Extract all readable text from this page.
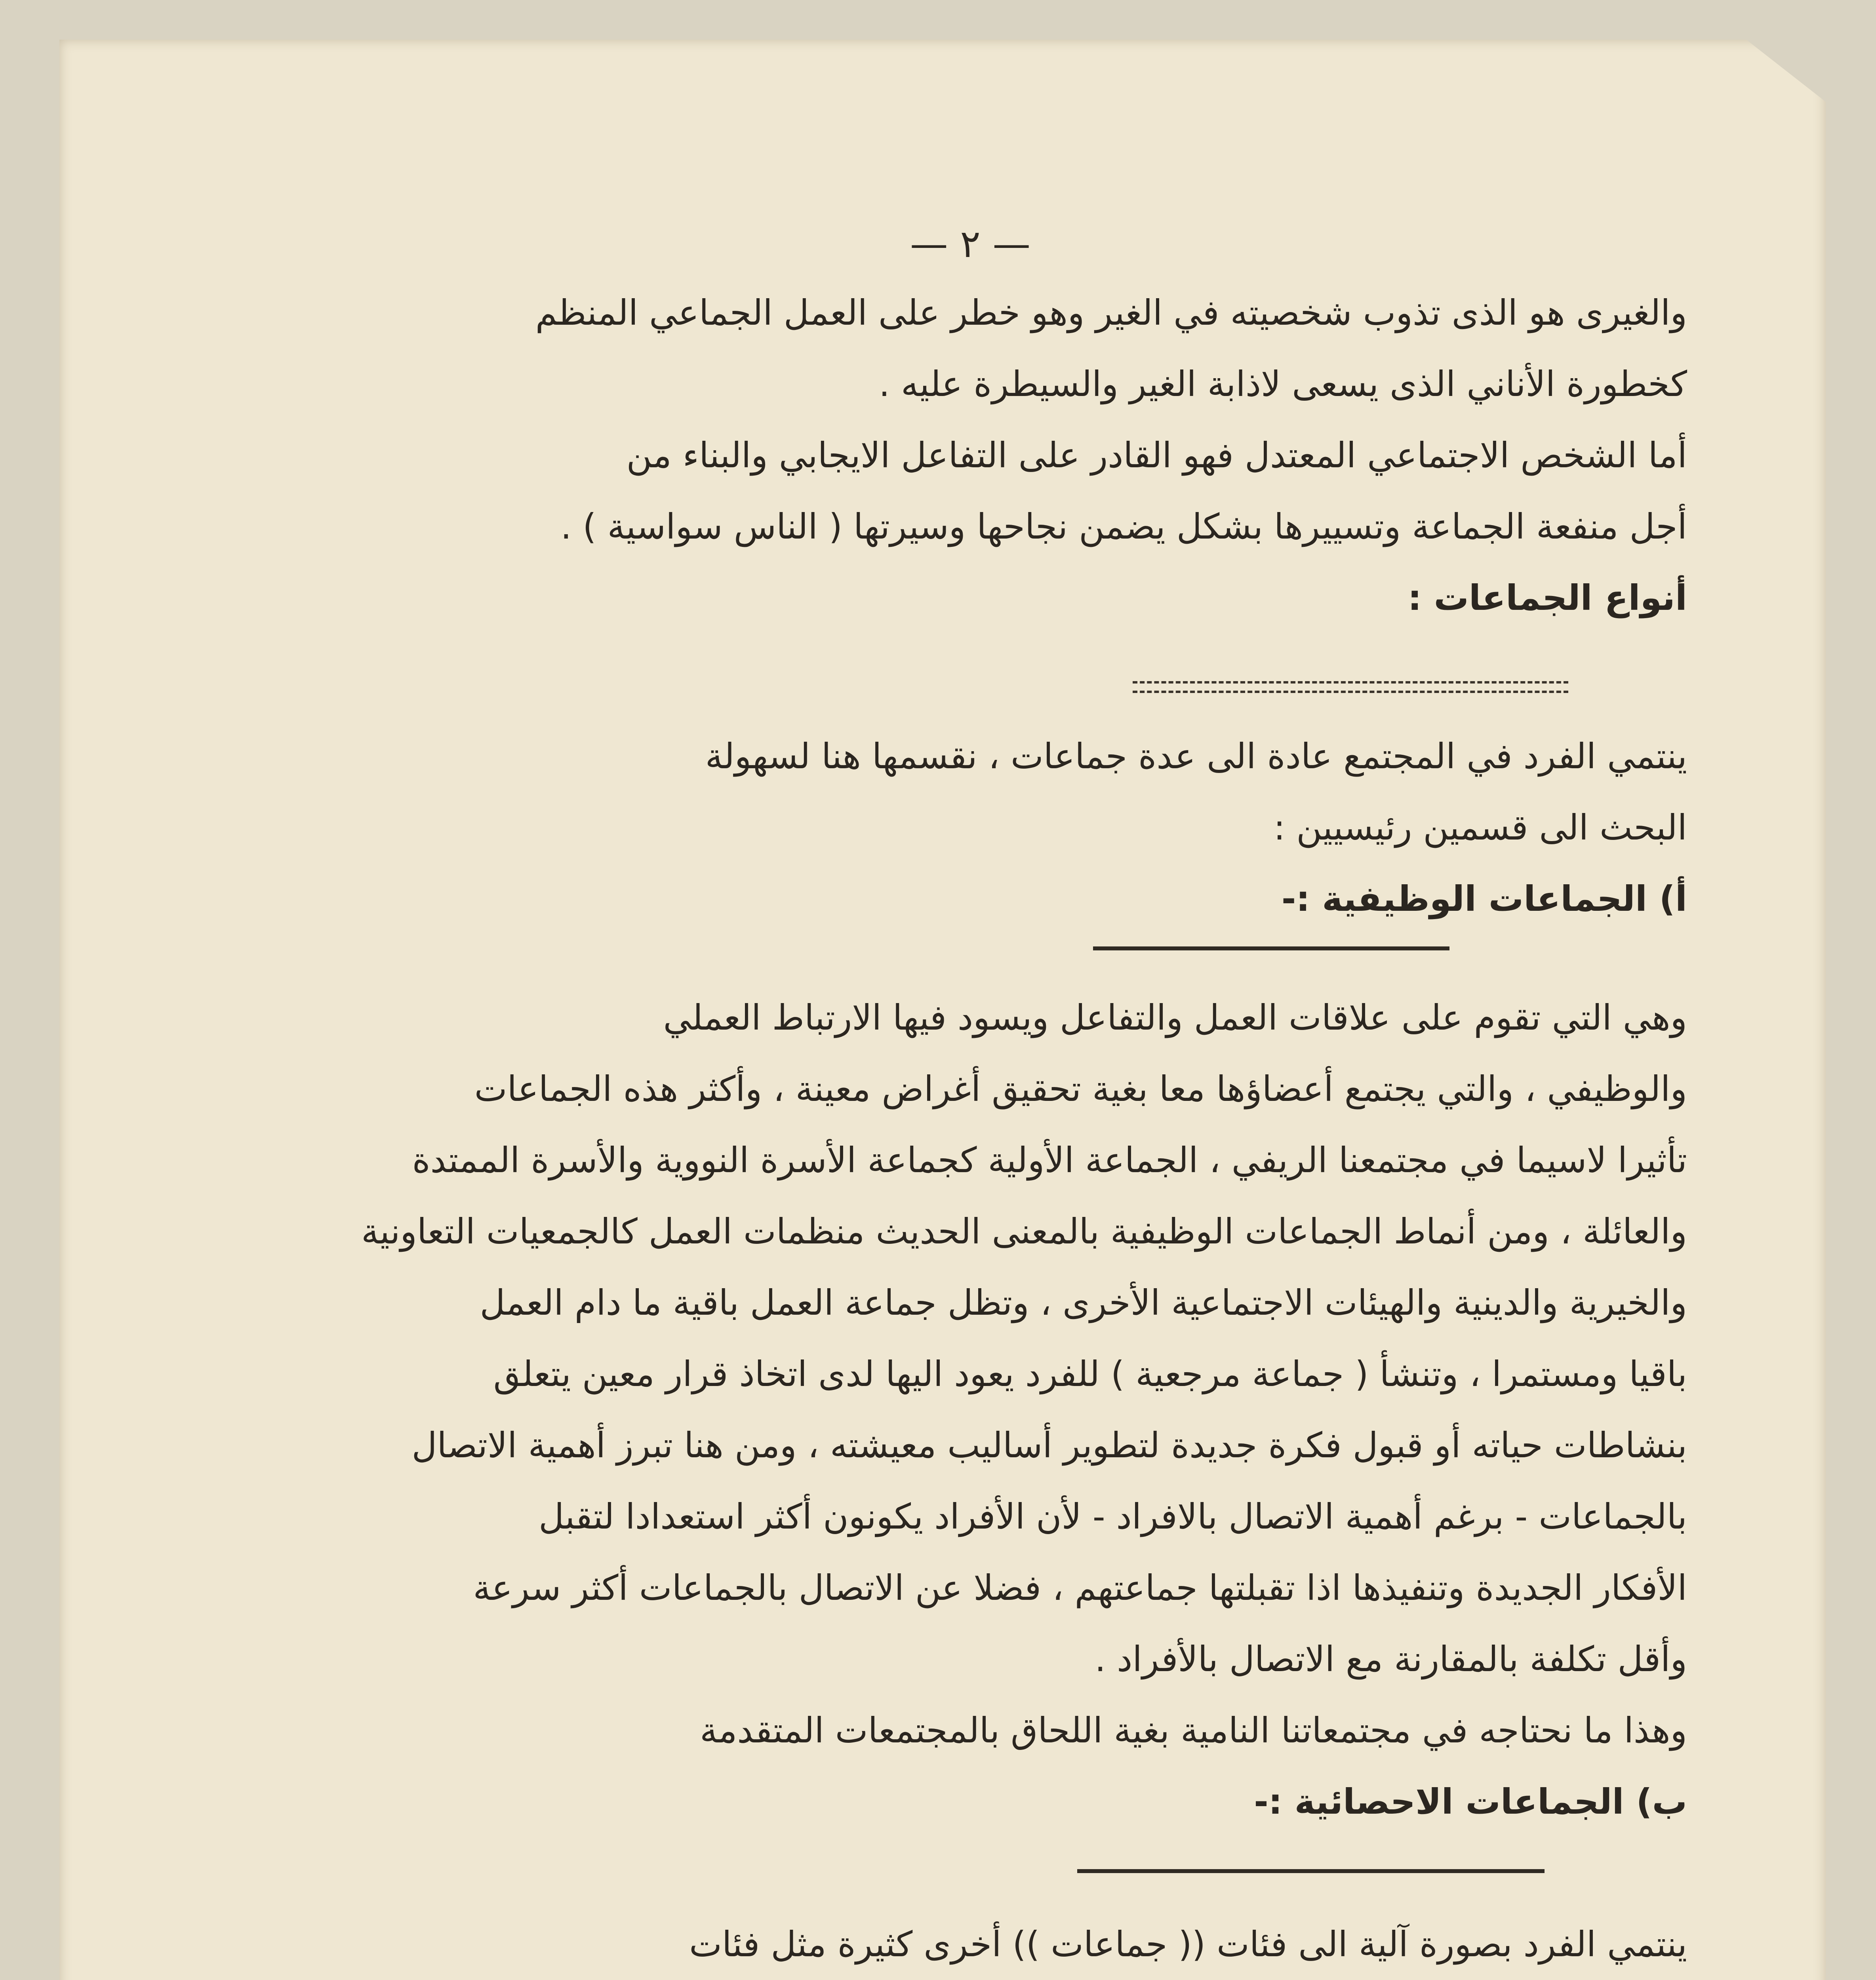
— ٢ —

والغيرى هو الذى تذوب شخصيته في الغير وهو خطر على العمل الجماعي المنظم

كخطورة الأناني الذى يسعى لاذابة الغير والسيطرة عليه .

أما الشخص الاجتماعي المعتدل فهو القادر على التفاعل الايجابي والبناء من

أجل منفعة الجماعة وتسييرها بشكل يضمن نجاحها وسيرتها ( الناس سواسية ) .

أنواع الجماعات :

ينتمي الفرد في المجتمع عادة الى عدة جماعات ، نقسمها هنا لسهولة

البحث الى قسمين رئيسيين :

أ) الجماعات الوظيفية :-

وهي التي تقوم على علاقات العمل والتفاعل ويسود فيها الارتباط العملي

والوظيفي ، والتي يجتمع أعضاؤها معا بغية تحقيق أغراض معينة ، وأكثر هذه الجماعات

تأثيرا لاسيما في مجتمعنا الريفي ، الجماعة الأولية كجماعة الأسرة النووية والأسرة الممتدة

والعائلة ، ومن أنماط الجماعات الوظيفية بالمعنى الحديث منظمات العمل كالجمعيات التعاونية

والخيرية والدينية والهيئات الاجتماعية الأخرى ، وتظل جماعة العمل باقية ما دام العمل

باقيا ومستمرا ، وتنشأ ( جماعة مرجعية ) للفرد يعود اليها لدى اتخاذ قرار معين يتعلق

بنشاطات حياته أو قبول فكرة جديدة لتطوير أساليب معيشته ، ومن هنا تبرز أهمية الاتصال

بالجماعات - برغم أهمية الاتصال بالافراد - لأن الأفراد يكونون أكثر استعدادا لتقبل

الأفكار الجديدة وتنفيذها اذا تقبلتها جماعتهم ، فضلا عن الاتصال بالجماعات أكثر سرعة

وأقل تكلفة بالمقارنة مع الاتصال بالأفراد .

وهذا ما نحتاجه في مجتمعاتنا النامية بغية اللحاق بالمجتمعات المتقدمة

ب) الجماعات الاحصائية :-

ينتمي الفرد بصورة آلية الى فئات (( جماعات )) أخرى كثيرة مثل فئات
